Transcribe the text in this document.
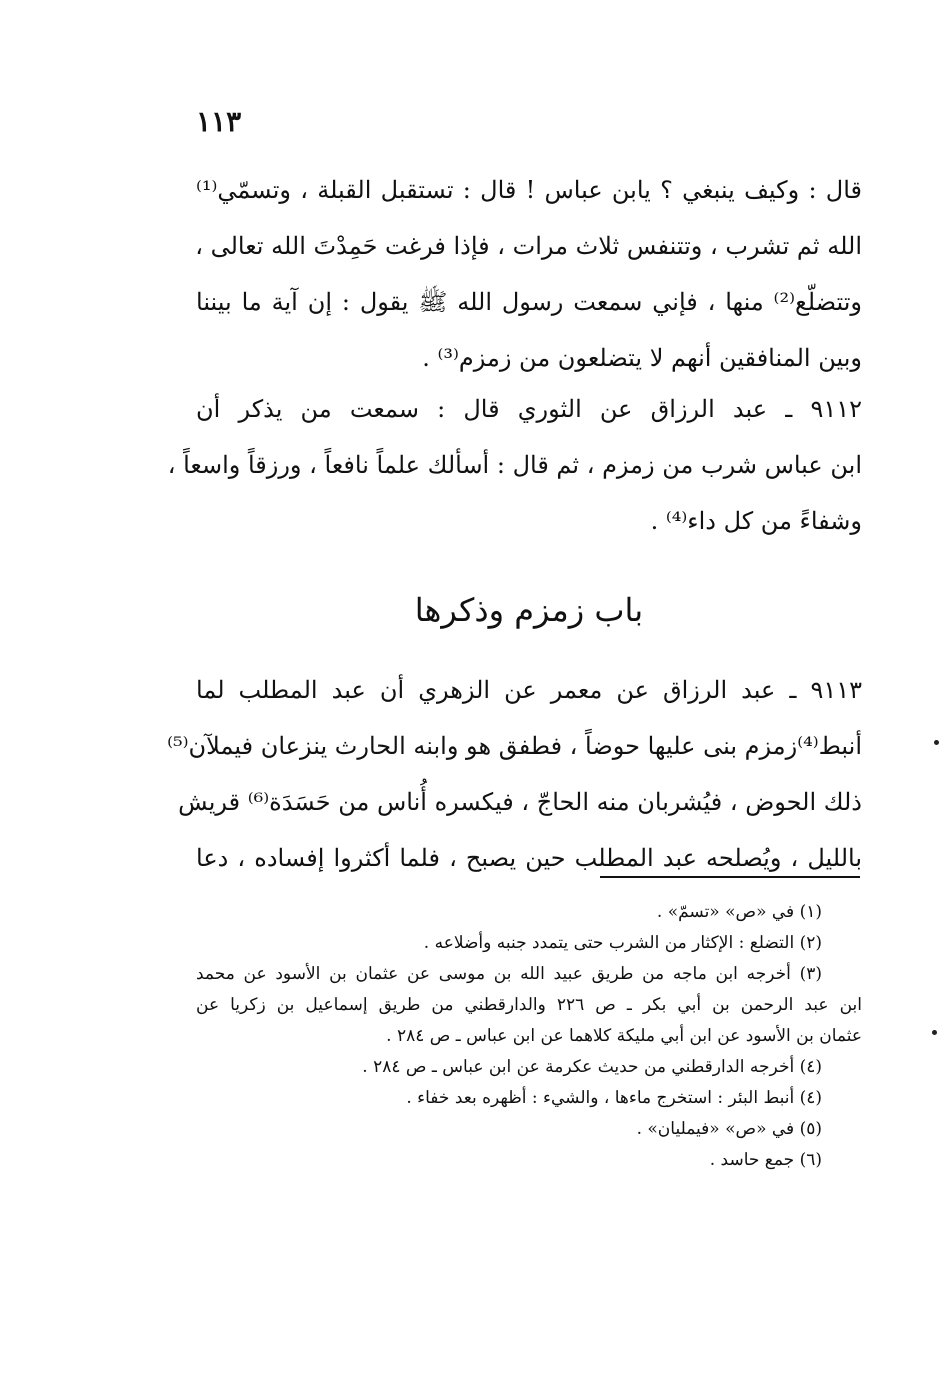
١١٣
قال : وكيف ينبغي ؟ يابن عباس ! قال : تستقبل القبلة ، وتسمّي⁽¹⁾
الله ثم تشرب ، وتتنفس ثلاث مرات ، فإذا فرغت حَمِدْتَ الله تعالى ،
وتتضلّع⁽²⁾ منها ، فإني سمعت رسول الله ﷺ يقول : إن آية ما بيننا
وبين المنافقين أنهم لا يتضلعون من زمزم⁽³⁾ .
٩١١٢ ـ عبد الرزاق عن الثوري قال : سمعت من يذكر أن
ابن عباس شرب من زمزم ، ثم قال : أسألك علماً نافعاً ، ورزقاً واسعاً ،
وشفاءً من كل داء⁽⁴⁾ .
باب زمزم وذكرها
٩١١٣ ـ عبد الرزاق عن معمر عن الزهري أن عبد المطلب لما
أنبط⁽⁴⁾زمزم بنى عليها حوضاً ، فطفق هو وابنه الحارث ينزعان فيملآن⁽⁵⁾
ذلك الحوض ، فيُشربان منه الحاجّ ، فيكسره أُناس من حَسَدَة⁽⁶⁾ قريش
بالليل ، ويُصلحه عبد المطلب حين يصبح ، فلما أكثروا إفساده ، دعا
(١) في «ص» «تسمّ» .
(٢) التضلع : الإكثار من الشرب حتى يتمدد جنبه وأضلاعه .
(٣) أخرجه ابن ماجه من طريق عبيد الله بن موسى عن عثمان بن الأسود عن محمد
ابن عبد الرحمن بن أبي بكر ـ ص ٢٢٦ والدارقطني من طريق إسماعيل بن زكريا عن
عثمان بن الأسود عن ابن أبي مليكة كلاهما عن ابن عباس ـ ص ٢٨٤ .
(٤) أخرجه الدارقطني من حديث عكرمة عن ابن عباس ـ ص ٢٨٤ .
(٤) أنبط البئر : استخرج ماءها ، والشيء : أظهره بعد خفاء .
(٥) في «ص» «فيمليان» .
(٦) جمع حاسد .
